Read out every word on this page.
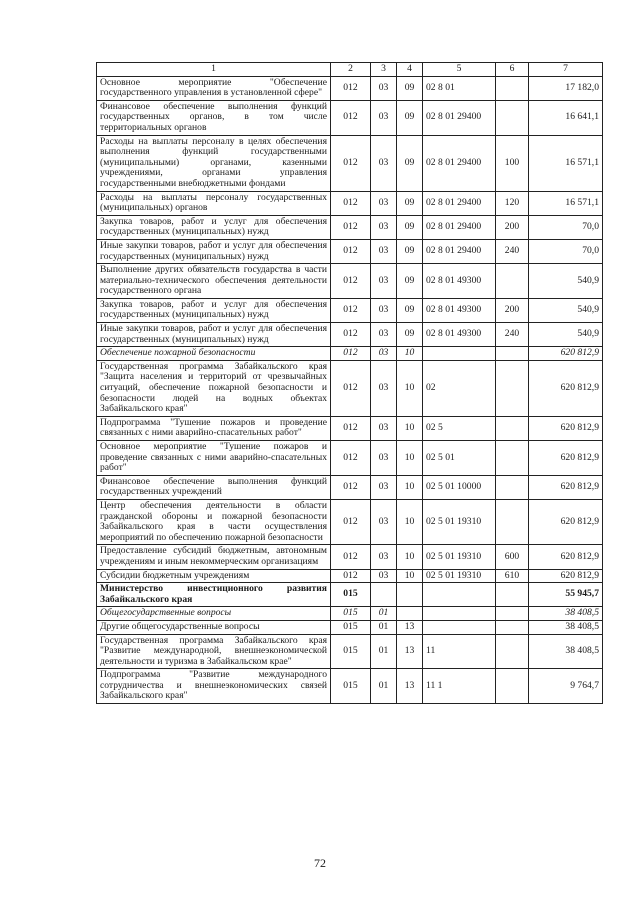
1	2	3	4	5	6	7
Основное мероприятие "Обеспечение государственного управления в установленной сфере"	012	03	09	02 8 01		17 182,0
Финансовое обеспечение выполнения функций государственных органов, в том числе территориальных органов	012	03	09	02 8 01 29400		16 641,1
Расходы на выплаты персоналу в целях обеспечения выполнения функций государственными (муниципальными) органами, казенными учреждениями, органами управления государственными внебюджетными фондами	012	03	09	02 8 01 29400	100	16 571,1
Расходы на выплаты персоналу государственных (муниципальных) органов	012	03	09	02 8 01 29400	120	16 571,1
Закупка товаров, работ и услуг для обеспечения государственных (муниципальных) нужд	012	03	09	02 8 01 29400	200	70,0
Иные закупки товаров, работ и услуг для обеспечения государственных (муниципальных) нужд	012	03	09	02 8 01 29400	240	70,0
Выполнение других обязательств государства в части материально-технического обеспечения деятельности государственного органа	012	03	09	02 8 01 49300		540,9
Закупка товаров, работ и услуг для обеспечения государственных (муниципальных) нужд	012	03	09	02 8 01 49300	200	540,9
Иные закупки товаров, работ и услуг для обеспечения государственных (муниципальных) нужд	012	03	09	02 8 01 49300	240	540,9
Обеспечение пожарной безопасности	012	03	10			620 812,9
Государственная программа Забайкальского края "Защита населения и территорий от чрезвычайных ситуаций, обеспечение пожарной безопасности и безопасности людей на водных объектах Забайкальского края"	012	03	10	02		620 812,9
Подпрограмма "Тушение пожаров и проведение связанных с ними аварийно-спасательных работ"	012	03	10	02 5		620 812,9
Основное мероприятие "Тушение пожаров и проведение связанных с ними аварийно-спасательных работ"	012	03	10	02 5 01		620 812,9
Финансовое обеспечение выполнения функций государственных учреждений	012	03	10	02 5 01 10000		620 812,9
Центр обеспечения деятельности в области гражданской обороны и пожарной безопасности Забайкальского края в части осуществления мероприятий по обеспечению пожарной безопасности	012	03	10	02 5 01 19310		620 812,9
Предоставление субсидий бюджетным, автономным учреждениям и иным некоммерческим организациям	012	03	10	02 5 01 19310	600	620 812,9
Субсидии бюджетным учреждениям	012	03	10	02 5 01 19310	610	620 812,9
Министерство инвестиционного развития Забайкальского края	015					55 945,7
Общегосударственные вопросы	015	01				38 408,5
Другие общегосударственные вопросы	015	01	13			38 408,5
Государственная программа Забайкальского края "Развитие международной, внешнеэкономической деятельности и туризма в Забайкальском крае"	015	01	13	11		38 408,5
Подпрограмма "Развитие международного сотрудничества и внешнеэкономических связей Забайкальского края"	015	01	13	11 1		9 764,7
72
